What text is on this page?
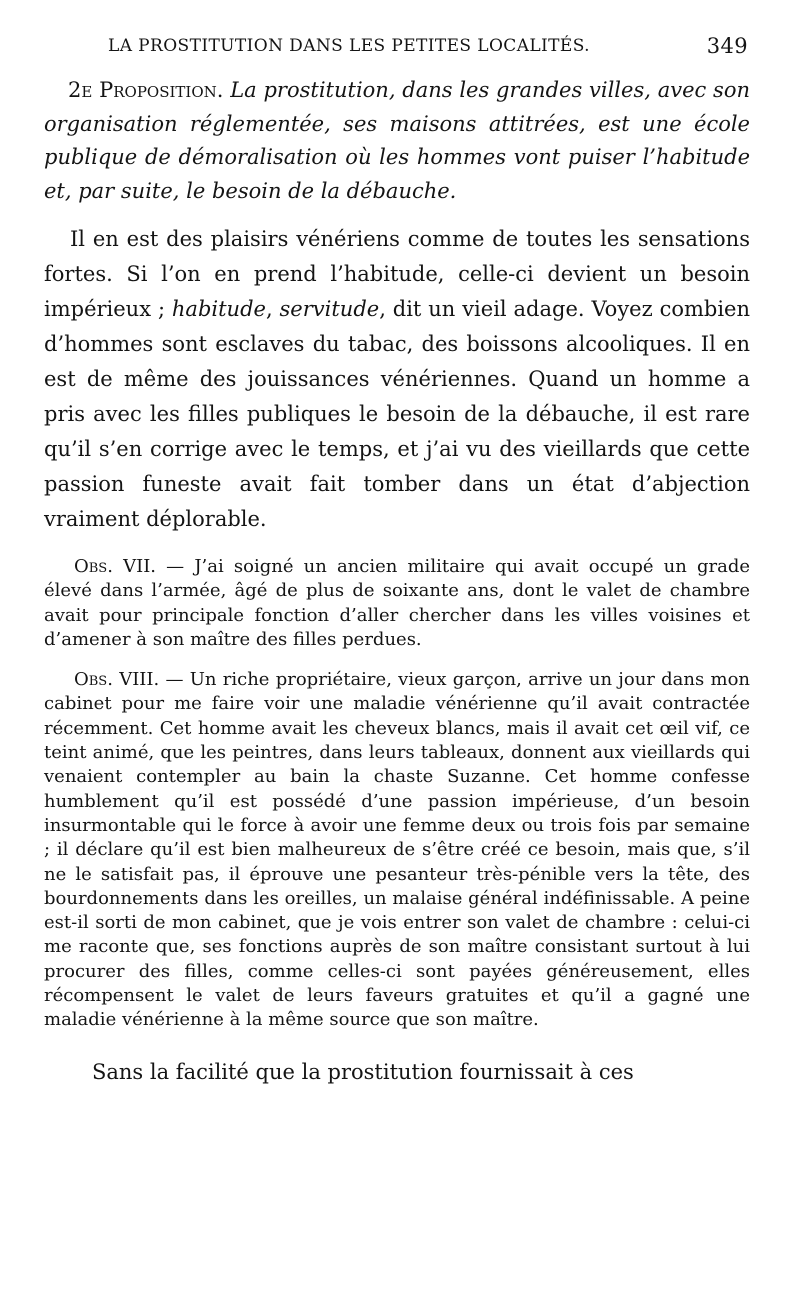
LA PROSTITUTION DANS LES PETITES LOCALITÉS.	349

2e Proposition. La prostitution, dans les grandes villes, avec son organisation réglementée, ses maisons attitrées, est une école publique de démoralisation où les hommes vont puiser l’habitude et, par suite, le besoin de la débauche.

Il en est des plaisirs vénériens comme de toutes les sensations fortes. Si l’on en prend l’habitude, celle-ci devient un besoin impérieux ; habitude, servitude, dit un vieil adage. Voyez combien d’hommes sont esclaves du tabac, des boissons alcooliques. Il en est de même des jouissances vénériennes. Quand un homme a pris avec les filles publiques le besoin de la débauche, il est rare qu’il s’en corrige avec le temps, et j’ai vu des vieillards que cette passion funeste avait fait tomber dans un état d’abjection vraiment déplorable.

Obs. VII. — J’ai soigné un ancien militaire qui avait occupé un grade élevé dans l’armée, âgé de plus de soixante ans, dont le valet de chambre avait pour principale fonction d’aller chercher dans les villes voisines et d’amener à son maître des filles perdues.

Obs. VIII. — Un riche propriétaire, vieux garçon, arrive un jour dans mon cabinet pour me faire voir une maladie vénérienne qu’il avait contractée récemment. Cet homme avait les cheveux blancs, mais il avait cet œil vif, ce teint animé, que les peintres, dans leurs tableaux, donnent aux vieillards qui venaient contempler au bain la chaste Suzanne. Cet homme confesse humblement qu’il est possédé d’une passion impérieuse, d’un besoin insurmontable qui le force à avoir une femme deux ou trois fois par semaine ; il déclare qu’il est bien malheureux de s’être créé ce besoin, mais que, s’il ne le satisfait pas, il éprouve une pesanteur très-pénible vers la tête, des bourdonnements dans les oreilles, un malaise général indéfinissable. A peine est-il sorti de mon cabinet, que je vois entrer son valet de chambre : celui-ci me raconte que, ses fonctions auprès de son maître consistant surtout à lui procurer des filles, comme celles-ci sont payées généreusement, elles récompensent le valet de leurs faveurs gratuites et qu’il a gagné une maladie vénérienne à la même source que son maître.

Sans la facilité que la prostitution fournissait à ces
